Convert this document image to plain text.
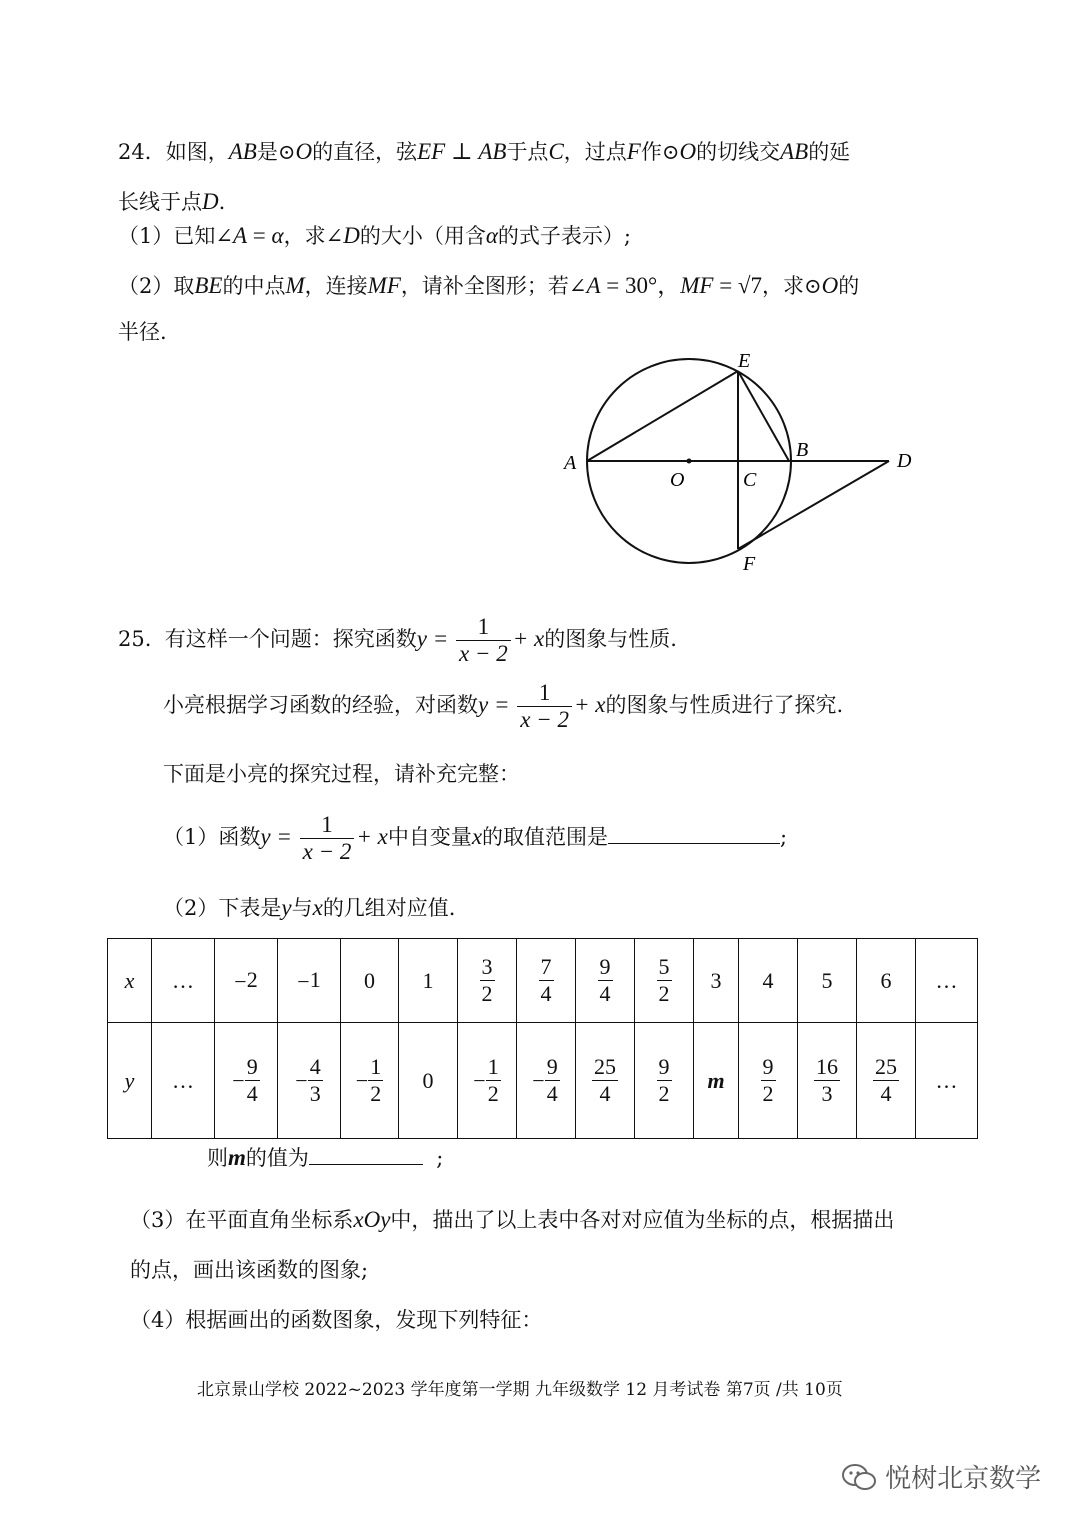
24．如图，AB是⊙O的直径，弦EF ⊥ AB于点C，过点F作⊙O的切线交AB的延
长线于点D.
（1）已知∠A = α，求∠D的大小（用含α的式子表示）;
（2）取BE的中点M，连接MF，请补全图形；若∠A = 30°，MF = √7，求⊙O的
半径.
E
B
A
O	C
D
F
25. 有这样一个问题：探究函数$y = \frac{1}{x - 2} + x$的图象与性质.
小亮根据学习函数的经验，对函数$y = \frac{1}{x - 2} + x$的图象与性质进行了探究.
下面是小亮的探究过程，请补充完整：
（1）函数$y = \frac{1}{x - 2} + x$中自变量x的取值范围是	;
（2）下表是y与x的几组对应值.
x	…	−2	−1	0	1	$\frac{3}{2}$	$\frac{7}{4}$	$\frac{9}{4}$	$\frac{5}{2}$	3	4	5	6	…
y	…	− $\frac{9}{4}$	− $\frac{4}{3}$	− $\frac{1}{2}$	0	− $\frac{1}{2}$	− $\frac{9}{4}$	$\frac{25}{4}$	$\frac{9}{2}$	m	$\frac{9}{2}$	$\frac{16}{3}$	$\frac{25}{4}$	…
则m的值为	;
（3）在平面直角坐标系xOy中，描出了以上表中各对对应值为坐标的点，根据描出
的点，画出该函数的图象;
（4）根据画出的函数图象，发现下列特征：
北京景山学校 2022~2023 学年度第一学期 九年级数学 12 月考试卷 第7页 /共 10页
悦树北京数学
